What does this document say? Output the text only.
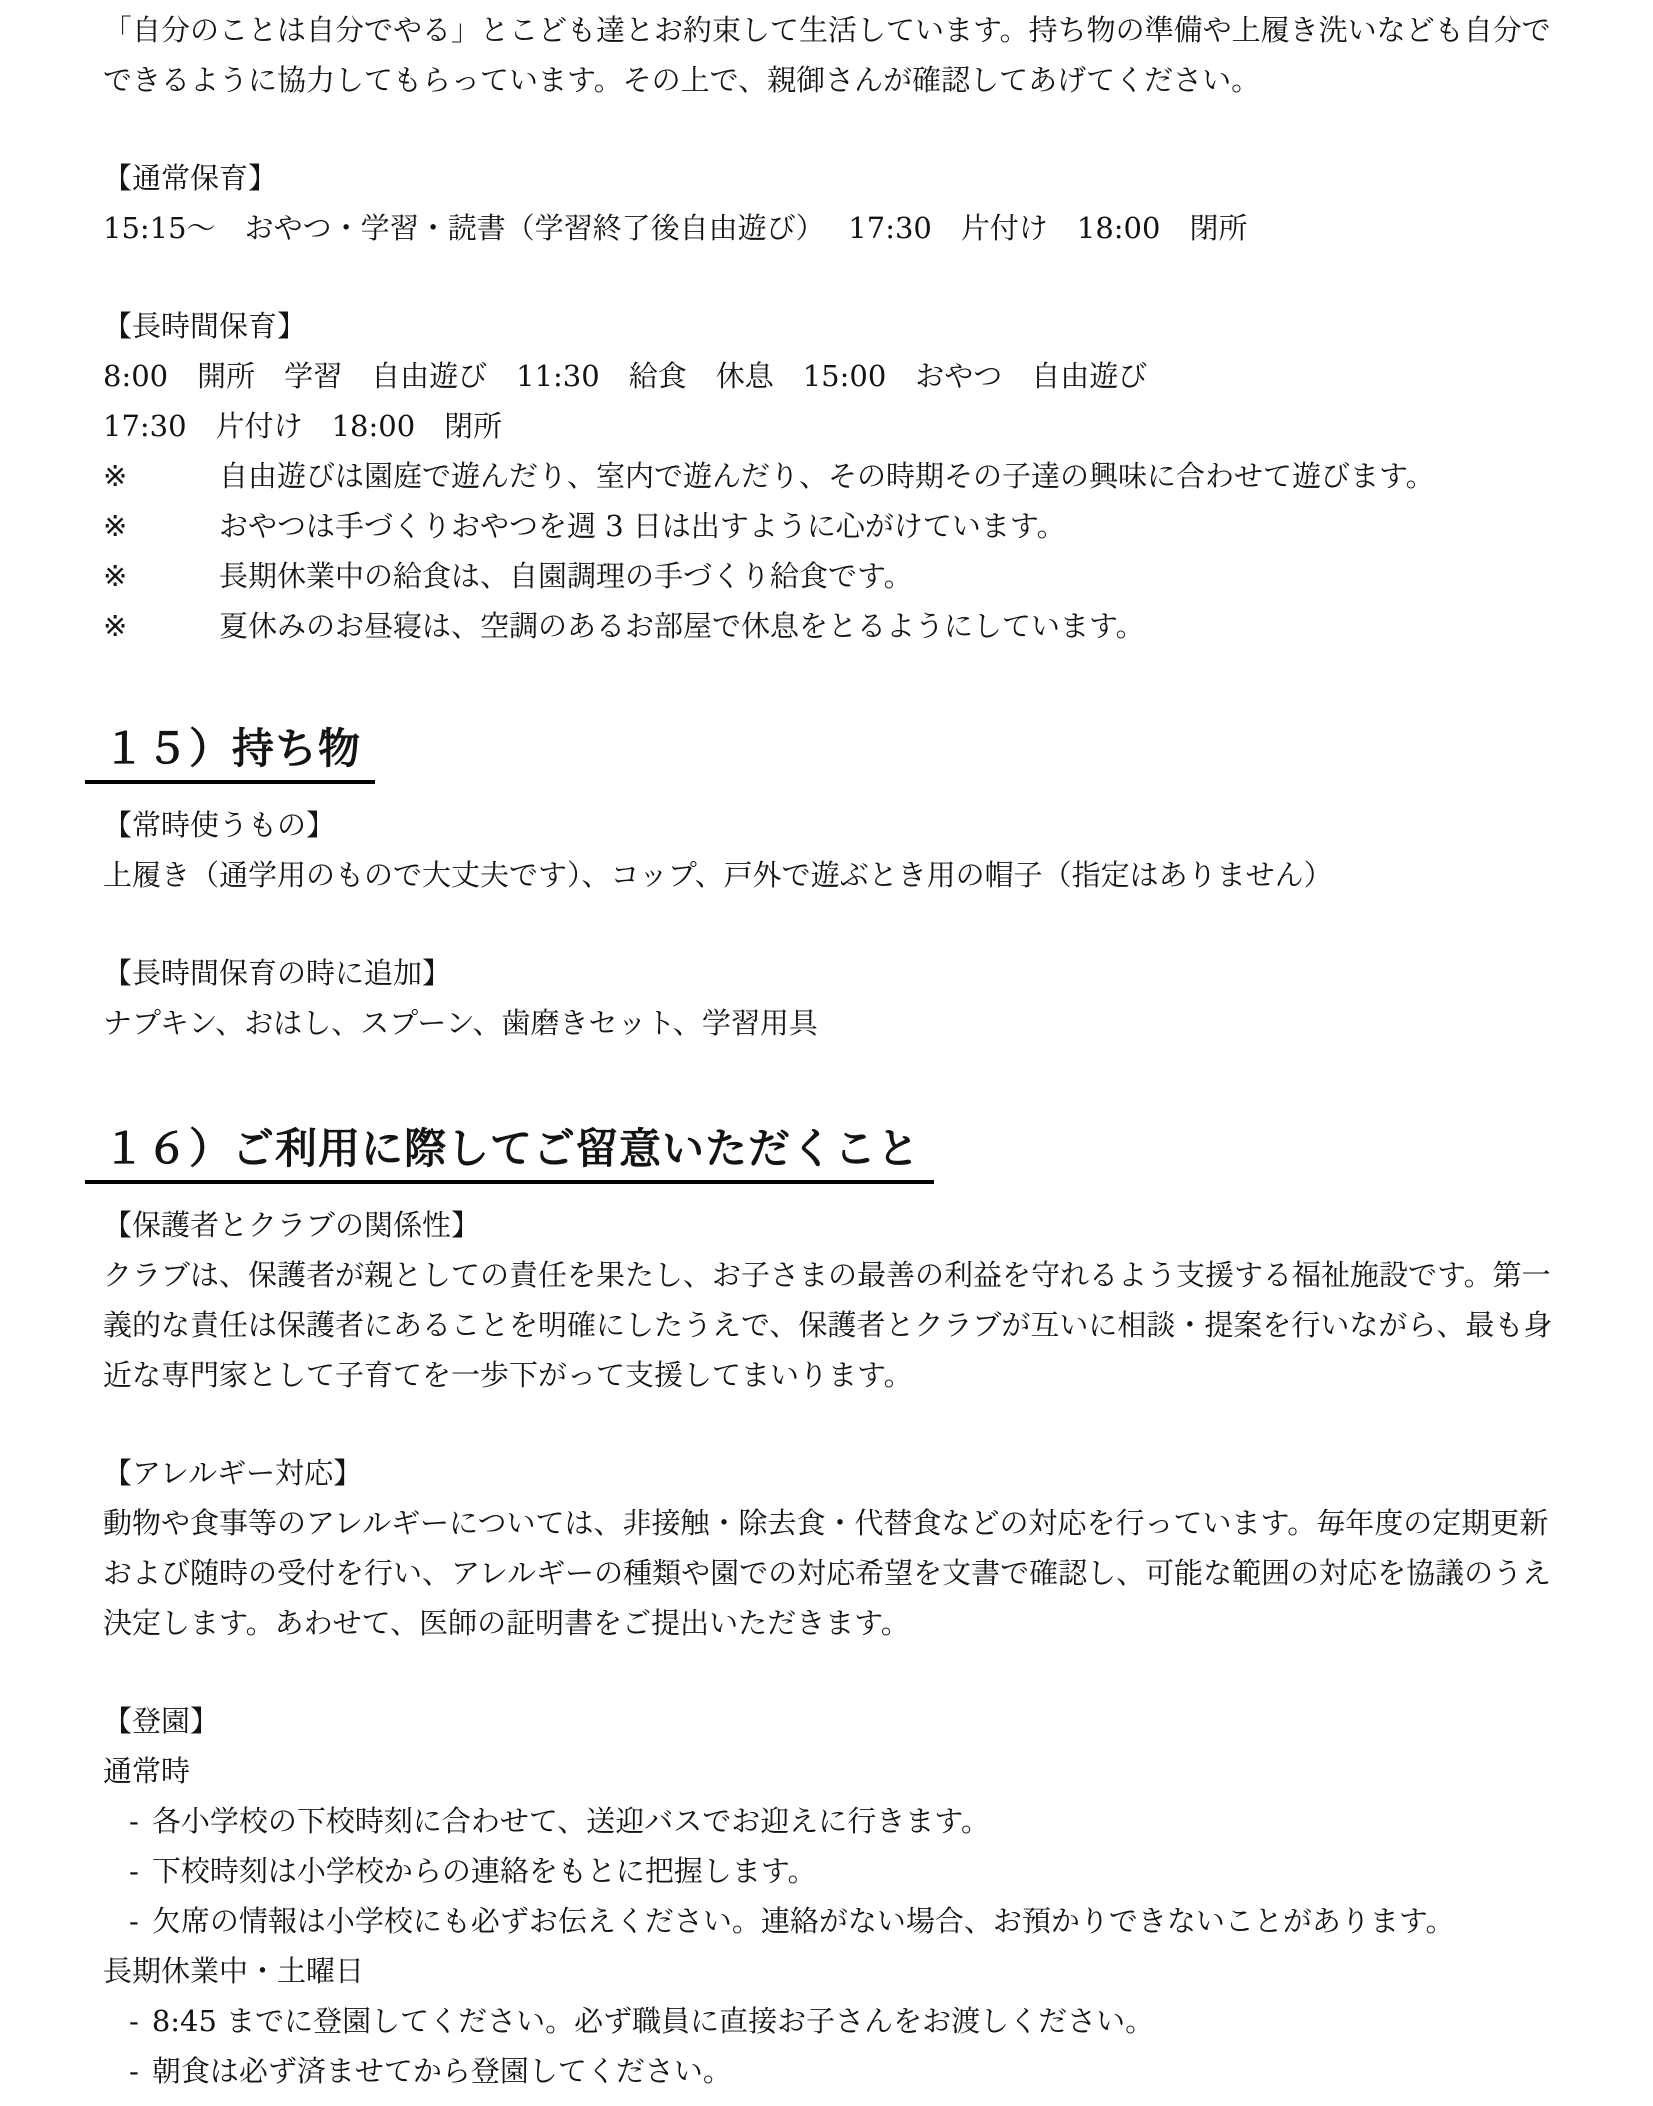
「自分のことは自分でやる」とこども達とお約束して生活しています。持ち物の準備や上履き洗いなども自分で

できるように協力してもらっています。その上で、親御さんが確認してあげてください。

【通常保育】

15:15～　おやつ・学習・読書（学習終了後自由遊び）　 17:30　片付け　18:00　閉所

【長時間保育】

8:00　開所　学習　自由遊び　11:30　給食　休息　15:00　おやつ　自由遊び

17:30　片付け　18:00　閉所

※	自由遊びは園庭で遊んだり、室内で遊んだり、その時期その子達の興味に合わせて遊びます。
※	おやつは手づくりおやつを週 3 日は出すように心がけています。
※	長期休業中の給食は、自園調理の手づくり給食です。
※	夏休みのお昼寝は、空調のあるお部屋で休息をとるようにしています。
１５）持ち物

【常時使うもの】

上履き（通学用のもので大丈夫です）、コップ、戸外で遊ぶとき用の帽子（指定はありません）

【長時間保育の時に追加】

ナプキン、おはし、スプーン、歯磨きセット、学習用具

１６）ご利用に際してご留意いただくこと

【保護者とクラブの関係性】

クラブは、保護者が親としての責任を果たし、お子さまの最善の利益を守れるよう支援する福祉施設です。第一

義的な責任は保護者にあることを明確にしたうえで、保護者とクラブが互いに相談・提案を行いながら、最も身

近な専門家として子育てを一歩下がって支援してまいります。

【アレルギー対応】

動物や食事等のアレルギーについては、非接触・除去食・代替食などの対応を行っています。毎年度の定期更新

および随時の受付を行い、アレルギーの種類や園での対応希望を文書で確認し、可能な範囲の対応を協議のうえ

決定します。あわせて、医師の証明書をご提出いただきます。

【登園】

通常時

- 各小学校の下校時刻に合わせて、送迎バスでお迎えに行きます。
- 下校時刻は小学校からの連絡をもとに把握します。
- 欠席の情報は小学校にも必ずお伝えください。連絡がない場合、お預かりできないことがあります。

長期休業中・土曜日

- 8:45 までに登園してください。必ず職員に直接お子さんをお渡しください。
- 朝食は必ず済ませてから登園してください。
